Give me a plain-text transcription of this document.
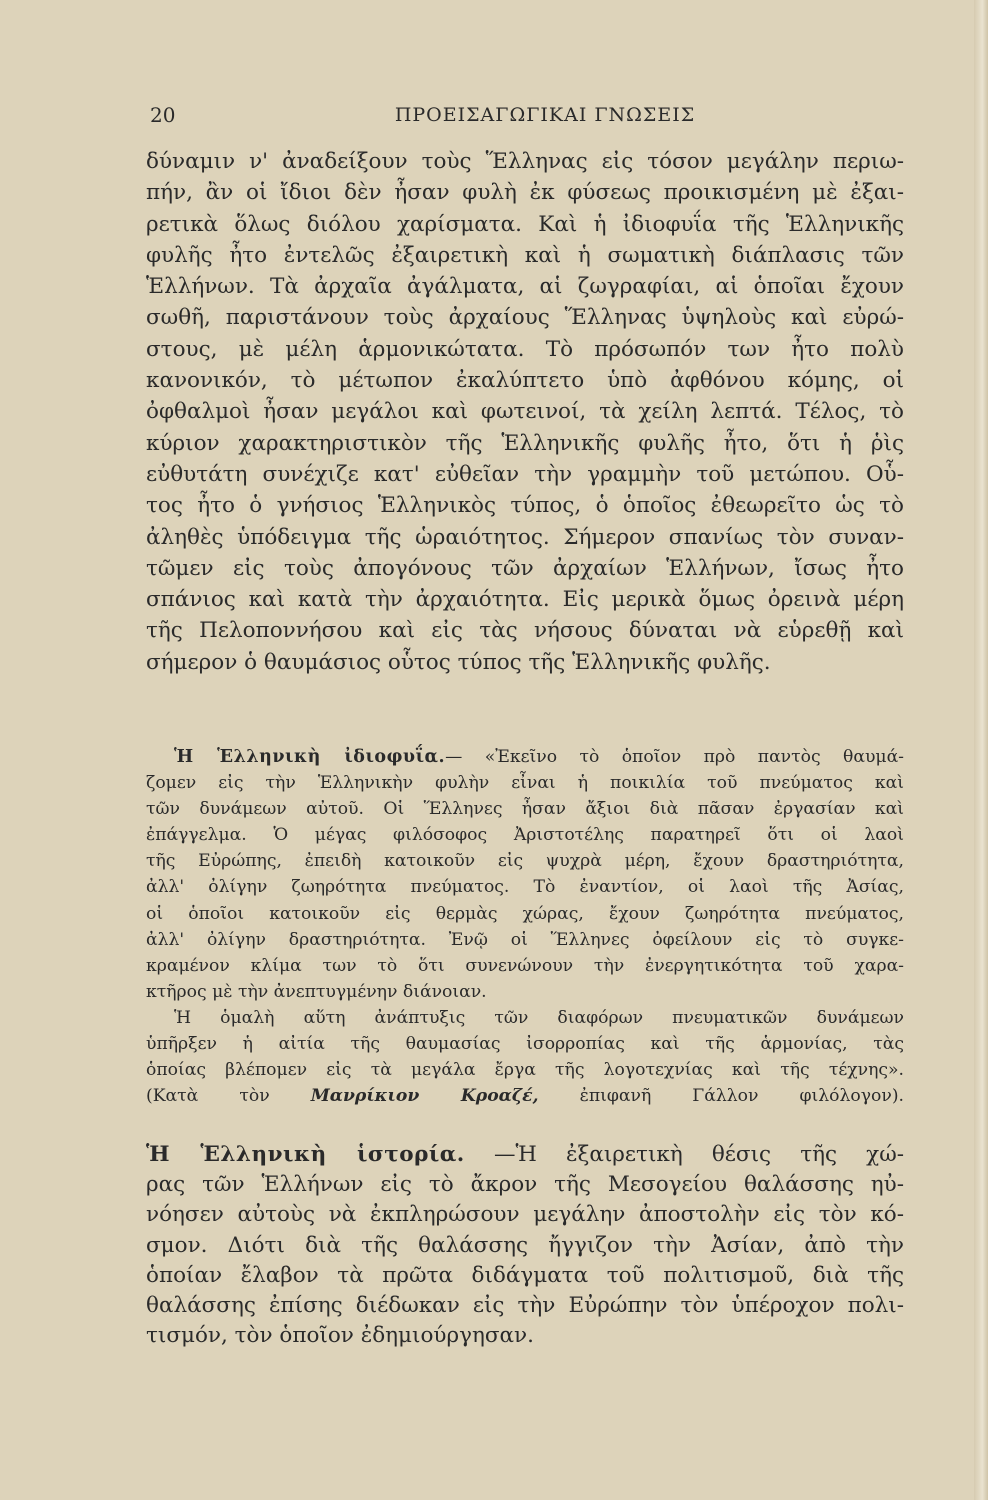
20	ΠΡΟΕΙΣΑΓΩΓΙΚΑΙ ΓΝΩΣΕΙΣ
δύναμιν ν' ἀναδείξουν τοὺς Ἕλληνας εἰς τόσον μεγάλην περιω-
πήν, ἂν οἱ ἴδιοι δὲν ἦσαν φυλὴ ἐκ φύσεως προικισμένη μὲ ἐξαι-
ρετικὰ ὅλως διόλου χαρίσματα. Καὶ ἡ ἰδιοφυΐα τῆς Ἑλληνικῆς
φυλῆς ἦτο ἐντελῶς ἐξαιρετικὴ καὶ ἡ σωματικὴ διάπλασις τῶν
Ἑλλήνων. Τὰ ἀρχαῖα ἀγάλματα, αἱ ζωγραφίαι, αἱ ὁποῖαι ἔχουν
σωθῆ, παριστάνουν τοὺς ἀρχαίους Ἕλληνας ὑψηλοὺς καὶ εὐρώ-
στους, μὲ μέλη ἁρμονικώτατα. Τὸ πρόσωπόν των ἦτο πολὺ
κανονικόν, τὸ μέτωπον ἐκαλύπτετο ὑπὸ ἀφθόνου κόμης, οἱ
ὀφθαλμοὶ ἦσαν μεγάλοι καὶ φωτεινοί, τὰ χείλη λεπτά. Τέλος, τὸ
κύριον χαρακτηριστικὸν τῆς Ἑλληνικῆς φυλῆς ἦτο, ὅτι ἡ ῥὶς
εὐθυτάτη συνέχιζε κατ' εὐθεῖαν τὴν γραμμὴν τοῦ μετώπου. Οὗ-
τος ἦτο ὁ γνήσιος Ἑλληνικὸς τύπος, ὁ ὁποῖος ἐθεωρεῖτο ὡς τὸ
ἀληθὲς ὑπόδειγμα τῆς ὡραιότητος. Σήμερον σπανίως τὸν συναν-
τῶμεν εἰς τοὺς ἀπογόνους τῶν ἀρχαίων Ἑλλήνων, ἴσως ἦτο
σπάνιος καὶ κατὰ τὴν ἀρχαιότητα. Εἰς μερικὰ ὅμως ὀρεινὰ μέρη
τῆς Πελοποννήσου καὶ εἰς τὰς νήσους δύναται νὰ εὑρεθῇ καὶ
σήμερον ὁ θαυμάσιος οὗτος τύπος τῆς Ἑλληνικῆς φυλῆς.
Ἡ Ἑλληνικὴ ἰδιοφυΐα.— «Ἐκεῖνο τὸ ὁποῖον πρὸ παντὸς θαυμά-
ζομεν εἰς τὴν Ἑλληνικὴν φυλὴν εἶναι ἡ ποικιλία τοῦ πνεύματος καὶ
τῶν δυνάμεων αὐτοῦ. Οἱ Ἕλληνες ἦσαν ἄξιοι διὰ πᾶσαν ἐργασίαν καὶ
ἐπάγγελμα. Ὁ μέγας φιλόσοφος Ἀριστοτέλης παρατηρεῖ ὅτι οἱ λαοὶ
τῆς Εὐρώπης, ἐπειδὴ κατοικοῦν εἰς ψυχρὰ μέρη, ἔχουν δραστηριότητα,
ἀλλ' ὀλίγην ζωηρότητα πνεύματος. Τὸ ἐναντίον, οἱ λαοὶ τῆς Ἀσίας,
οἱ ὁποῖοι κατοικοῦν εἰς θερμὰς χώρας, ἔχουν ζωηρότητα πνεύματος,
ἀλλ' ὀλίγην δραστηριότητα. Ἐνῷ οἱ Ἕλληνες ὀφείλουν εἰς τὸ συγκε-
κραμένον κλίμα των τὸ ὅτι συνενώνουν τὴν ἐνεργητικότητα τοῦ χαρα-
κτῆρος μὲ τὴν ἀνεπτυγμένην διάνοιαν.
Ἡ ὁμαλὴ αὕτη ἀνάπτυξις τῶν διαφόρων πνευματικῶν δυνάμεων
ὑπῆρξεν ἡ αἰτία τῆς θαυμασίας ἰσορροπίας καὶ τῆς ἁρμονίας, τὰς
ὁποίας βλέπομεν εἰς τὰ μεγάλα ἔργα τῆς λογοτεχνίας καὶ τῆς τέχνης».
(Κατὰ τὸν Μανρίκιον Κροαζέ, ἐπιφανῆ Γάλλον φιλόλογον).
Ἡ Ἑλληνικὴ ἱστορία. —Ἡ ἐξαιρετικὴ θέσις τῆς χώ-
ρας τῶν Ἑλλήνων εἰς τὸ ἄκρον τῆς Μεσογείου θαλάσσης ηὐ-
νόησεν αὐτοὺς νὰ ἐκπληρώσουν μεγάλην ἀποστολὴν εἰς τὸν κό-
σμον. Διότι διὰ τῆς θαλάσσης ἤγγιζον τὴν Ἀσίαν, ἀπὸ τὴν
ὁποίαν ἔλαβον τὰ πρῶτα διδάγματα τοῦ πολιτισμοῦ, διὰ τῆς
θαλάσσης ἐπίσης διέδωκαν εἰς τὴν Εὐρώπην τὸν ὑπέροχον πολι-
τισμόν, τὸν ὁποῖον ἐδημιούργησαν.
